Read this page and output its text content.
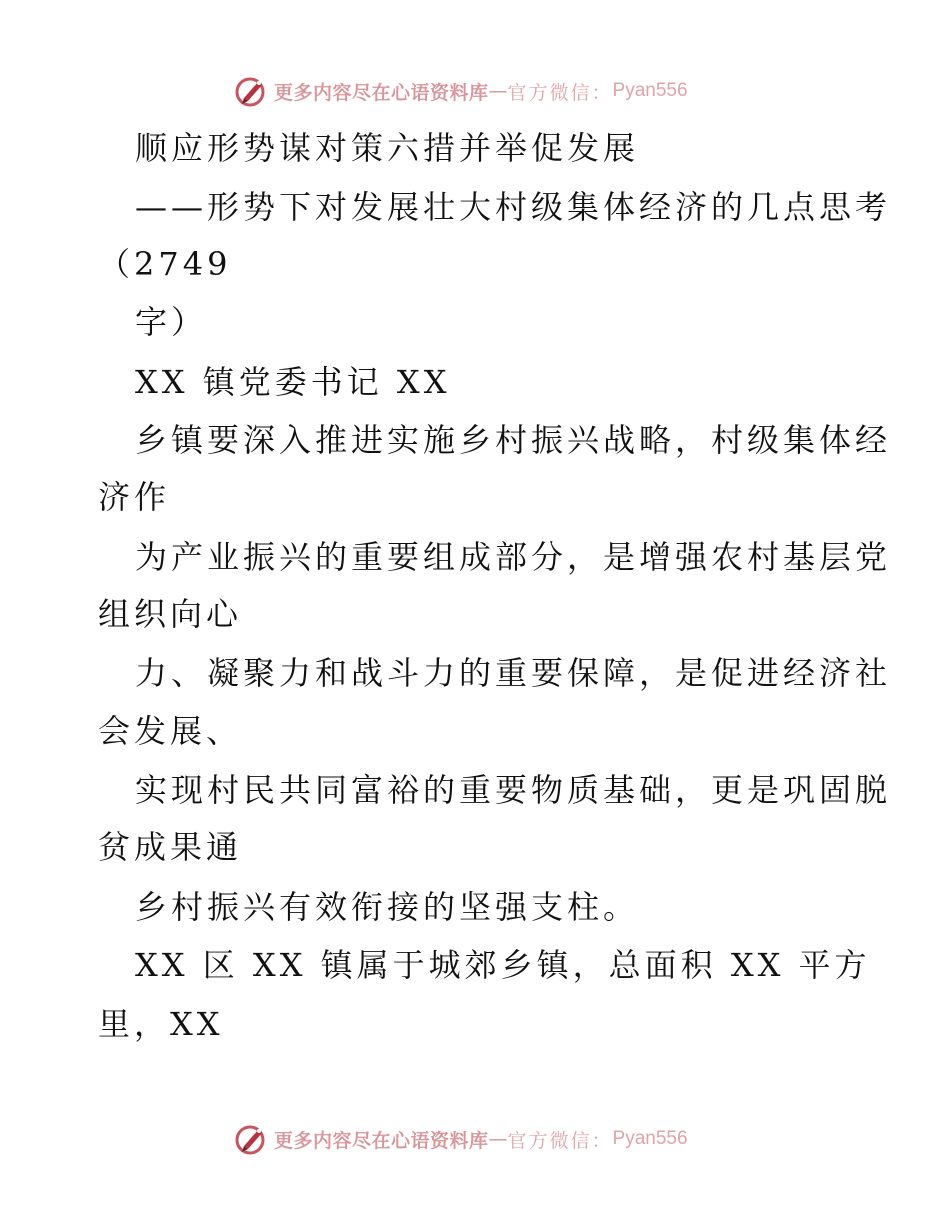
更多内容尽在心语资料库 — 官方微信： Pyan556
顺应形势谋对策六措并举促发展
——形势下对发展壮大村级集体经济的几点思考
（2749
字）
XX 镇党委书记 XX
乡镇要深入推进实施乡村振兴战略，村级集体经
济作
为产业振兴的重要组成部分，是增强农村基层党
组织向心
力、凝聚力和战斗力的重要保障，是促进经济社
会发展、
实现村民共同富裕的重要物质基础，更是巩固脱
贫成果通
乡村振兴有效衔接的坚强支柱。
XX 区 XX 镇属于城郊乡镇，总面积 XX 平方
里，XX
更多内容尽在心语资料库 — 官方微信： Pyan556
